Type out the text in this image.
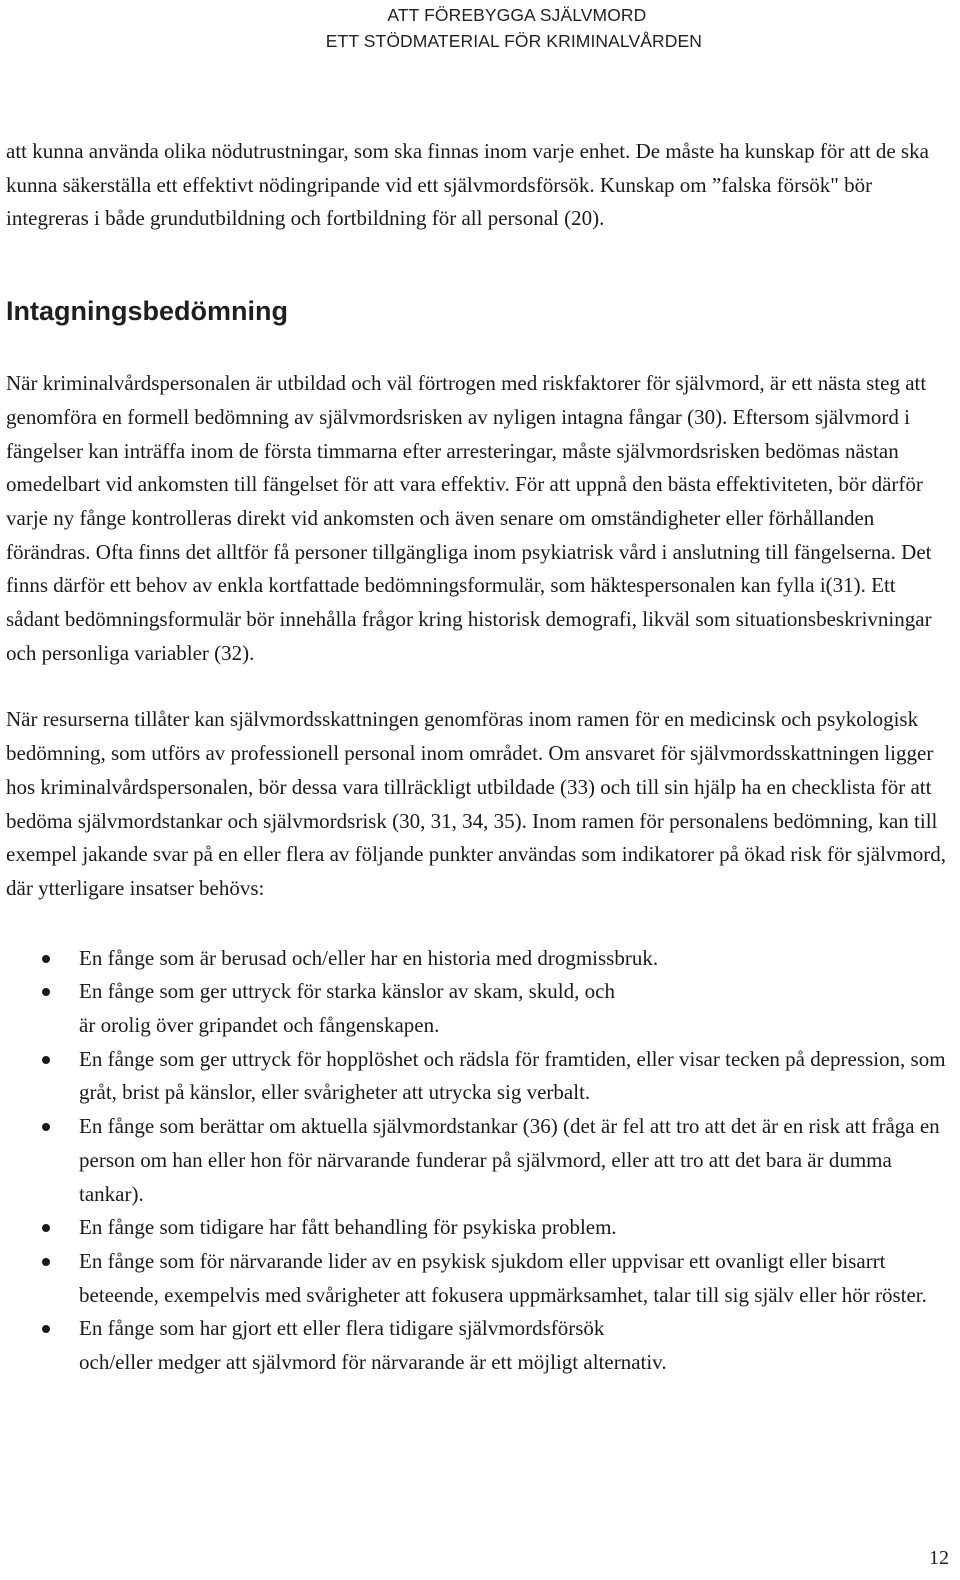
ATT FÖREBYGGA SJÄLVMORD
ETT STÖDMATERIAL FÖR KRIMINALVÅRDEN

att kunna använda olika nödutrustningar, som ska finnas inom varje enhet. De måste ha kunskap för att de ska kunna säkerställa ett effektivt nödingripande vid ett självmordsförsök. Kunskap om ”falska försök" bör integreras i både grundutbildning och fortbildning för all personal (20).

Intagningsbedömning

När kriminalvårdspersonalen är utbildad och väl förtrogen med riskfaktorer för självmord, är ett nästa steg att genomföra en formell bedömning av självmordsrisken av nyligen intagna fångar (30). Eftersom självmord i fängelser kan inträffa inom de första timmarna efter arresteringar, måste självmordsrisken bedömas nästan omedelbart vid ankomsten till fängelset för att vara effektiv. För att uppnå den bästa effektiviteten, bör därför varje ny fånge kontrolleras direkt vid ankomsten och även senare om omständigheter eller förhållanden förändras. Ofta finns det alltför få personer tillgängliga inom psykiatrisk vård i anslutning till fängelserna. Det finns därför ett behov av enkla kortfattade bedömningsformulär, som häktespersonalen kan fylla i(31). Ett sådant bedömningsformulär bör innehålla frågor kring historisk demografi, likväl som situationsbeskrivningar och personliga variabler (32).

När resurserna tillåter kan självmordsskattningen genomföras inom ramen för en medicinsk och psykologisk bedömning, som utförs av professionell personal inom området. Om ansvaret för självmordsskattningen ligger hos kriminalvårdspersonalen, bör dessa vara tillräckligt utbildade (33) och till sin hjälp ha en checklista för att bedöma självmordstankar och självmordsrisk (30, 31, 34, 35). Inom ramen för personalens bedömning, kan till exempel jakande svar på en eller flera av följande punkter användas som indikatorer på ökad risk för självmord, där ytterligare insatser behövs:

En fånge som är berusad och/eller har en historia med drogmissbruk.
En fånge som ger uttryck för starka känslor av skam, skuld, och
är orolig över gripandet och fångenskapen.
En fånge som ger uttryck för hopplöshet och rädsla för framtiden, eller visar tecken på depression, som gråt, brist på känslor, eller svårigheter att utrycka sig verbalt.
En fånge som berättar om aktuella självmordstankar (36) (det är fel att tro att det är en risk att fråga en person om han eller hon för närvarande funderar på självmord, eller att tro att det bara är dumma tankar).
En fånge som tidigare har fått behandling för psykiska problem.
En fånge som för närvarande lider av en psykisk sjukdom eller uppvisar ett ovanligt eller bisarrt beteende, exempelvis med svårigheter att fokusera uppmärksamhet, talar till sig själv eller hör röster.
En fånge som har gjort ett eller flera tidigare självmordsförsök
och/eller medger att självmord för närvarande är ett möjligt alternativ.
12
